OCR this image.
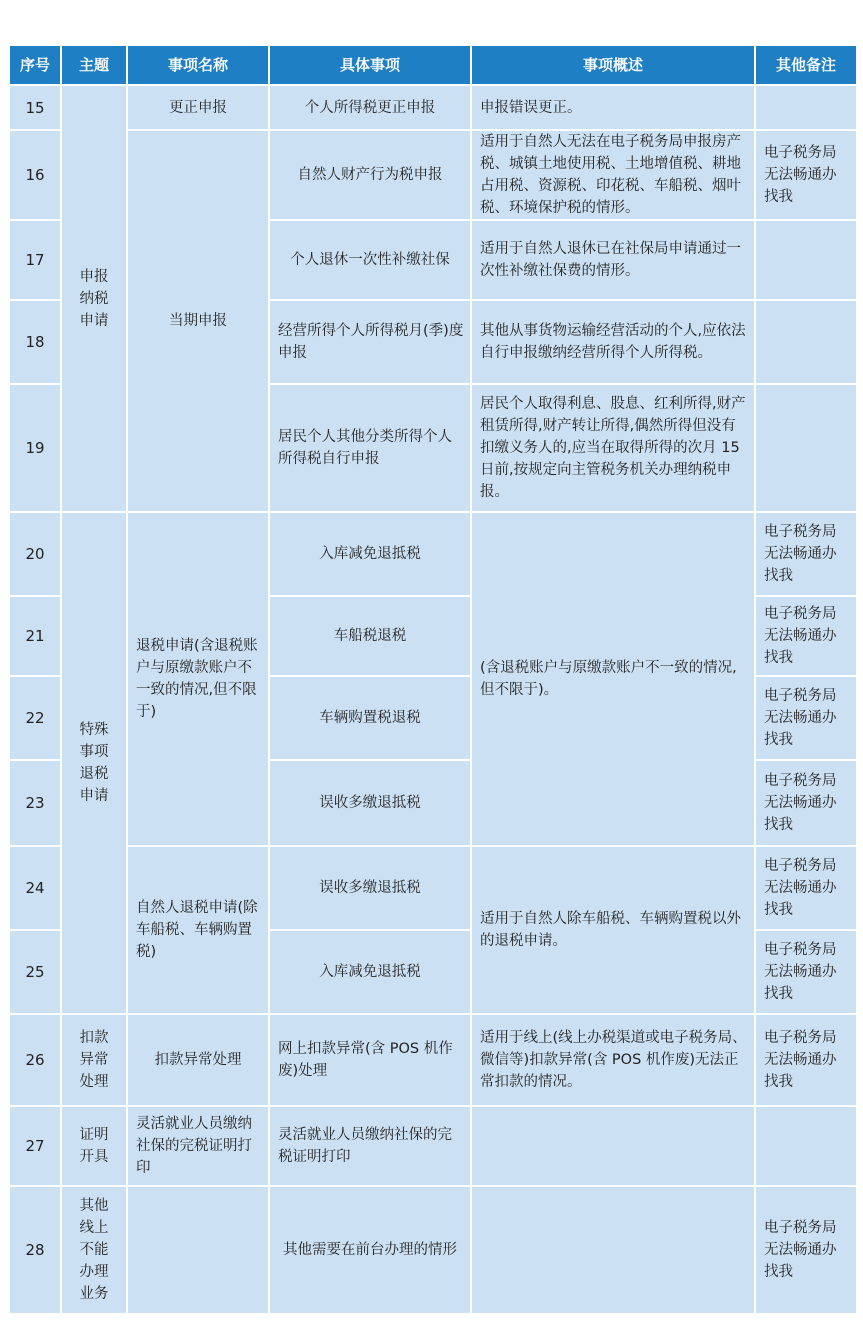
序号	主题	事项名称	具体事项	事项概述	其他备注
15	申报纳税申请	更正申报	个人所得税更正申报	申报错误更正。	
16		当期申报	自然人财产行为税申报	适用于自然人无法在电子税务局申报房产税、城镇土地使用税、土地增值税、耕地占用税、资源税、印花税、车船税、烟叶税、环境保护税的情形。	电子税务局无法畅通办找我
17			个人退休一次性补缴社保	适用于自然人退休已在社保局申请通过一次性补缴社保费的情形。	
18			经营所得个人所得税月(季)度申报	其他从事货物运输经营活动的个人,应依法自行申报缴纳经营所得个人所得税。	
19			居民个人其他分类所得个人所得税自行申报	居民个人取得利息、股息、红利所得,财产租赁所得,财产转让所得,偶然所得但没有扣缴义务人的,应当在取得所得的次月 15 日前,按规定向主管税务机关办理纳税申报。	
20	特殊事项退税申请	退税申请(含退税账户与原缴款账户不一致的情况,但不限于)	入库减免退抵税	(含退税账户与原缴款账户不一致的情况,但不限于)。	电子税务局无法畅通办找我
21			车船税退税		电子税务局无法畅通办找我
22			车辆购置税退税		电子税务局无法畅通办找我
23			误收多缴退抵税		电子税务局无法畅通办找我
24		自然人退税申请(除车船税、车辆购置税)	误收多缴退抵税	适用于自然人除车船税、车辆购置税以外的退税申请。	电子税务局无法畅通办找我
25			入库减免退抵税		电子税务局无法畅通办找我
26	扣款异常处理	扣款异常处理	网上扣款异常(含 POS 机作废)处理	适用于线上(线上办税渠道或电子税务局、微信等)扣款异常(含 POS 机作废)无法正常扣款的情况。	电子税务局无法畅通办找我
27	证明开具	灵活就业人员缴纳社保的完税证明打印	灵活就业人员缴纳社保的完税证明打印		
28	其他线上不能办理业务		其他需要在前台办理的情形		电子税务局无法畅通办找我
